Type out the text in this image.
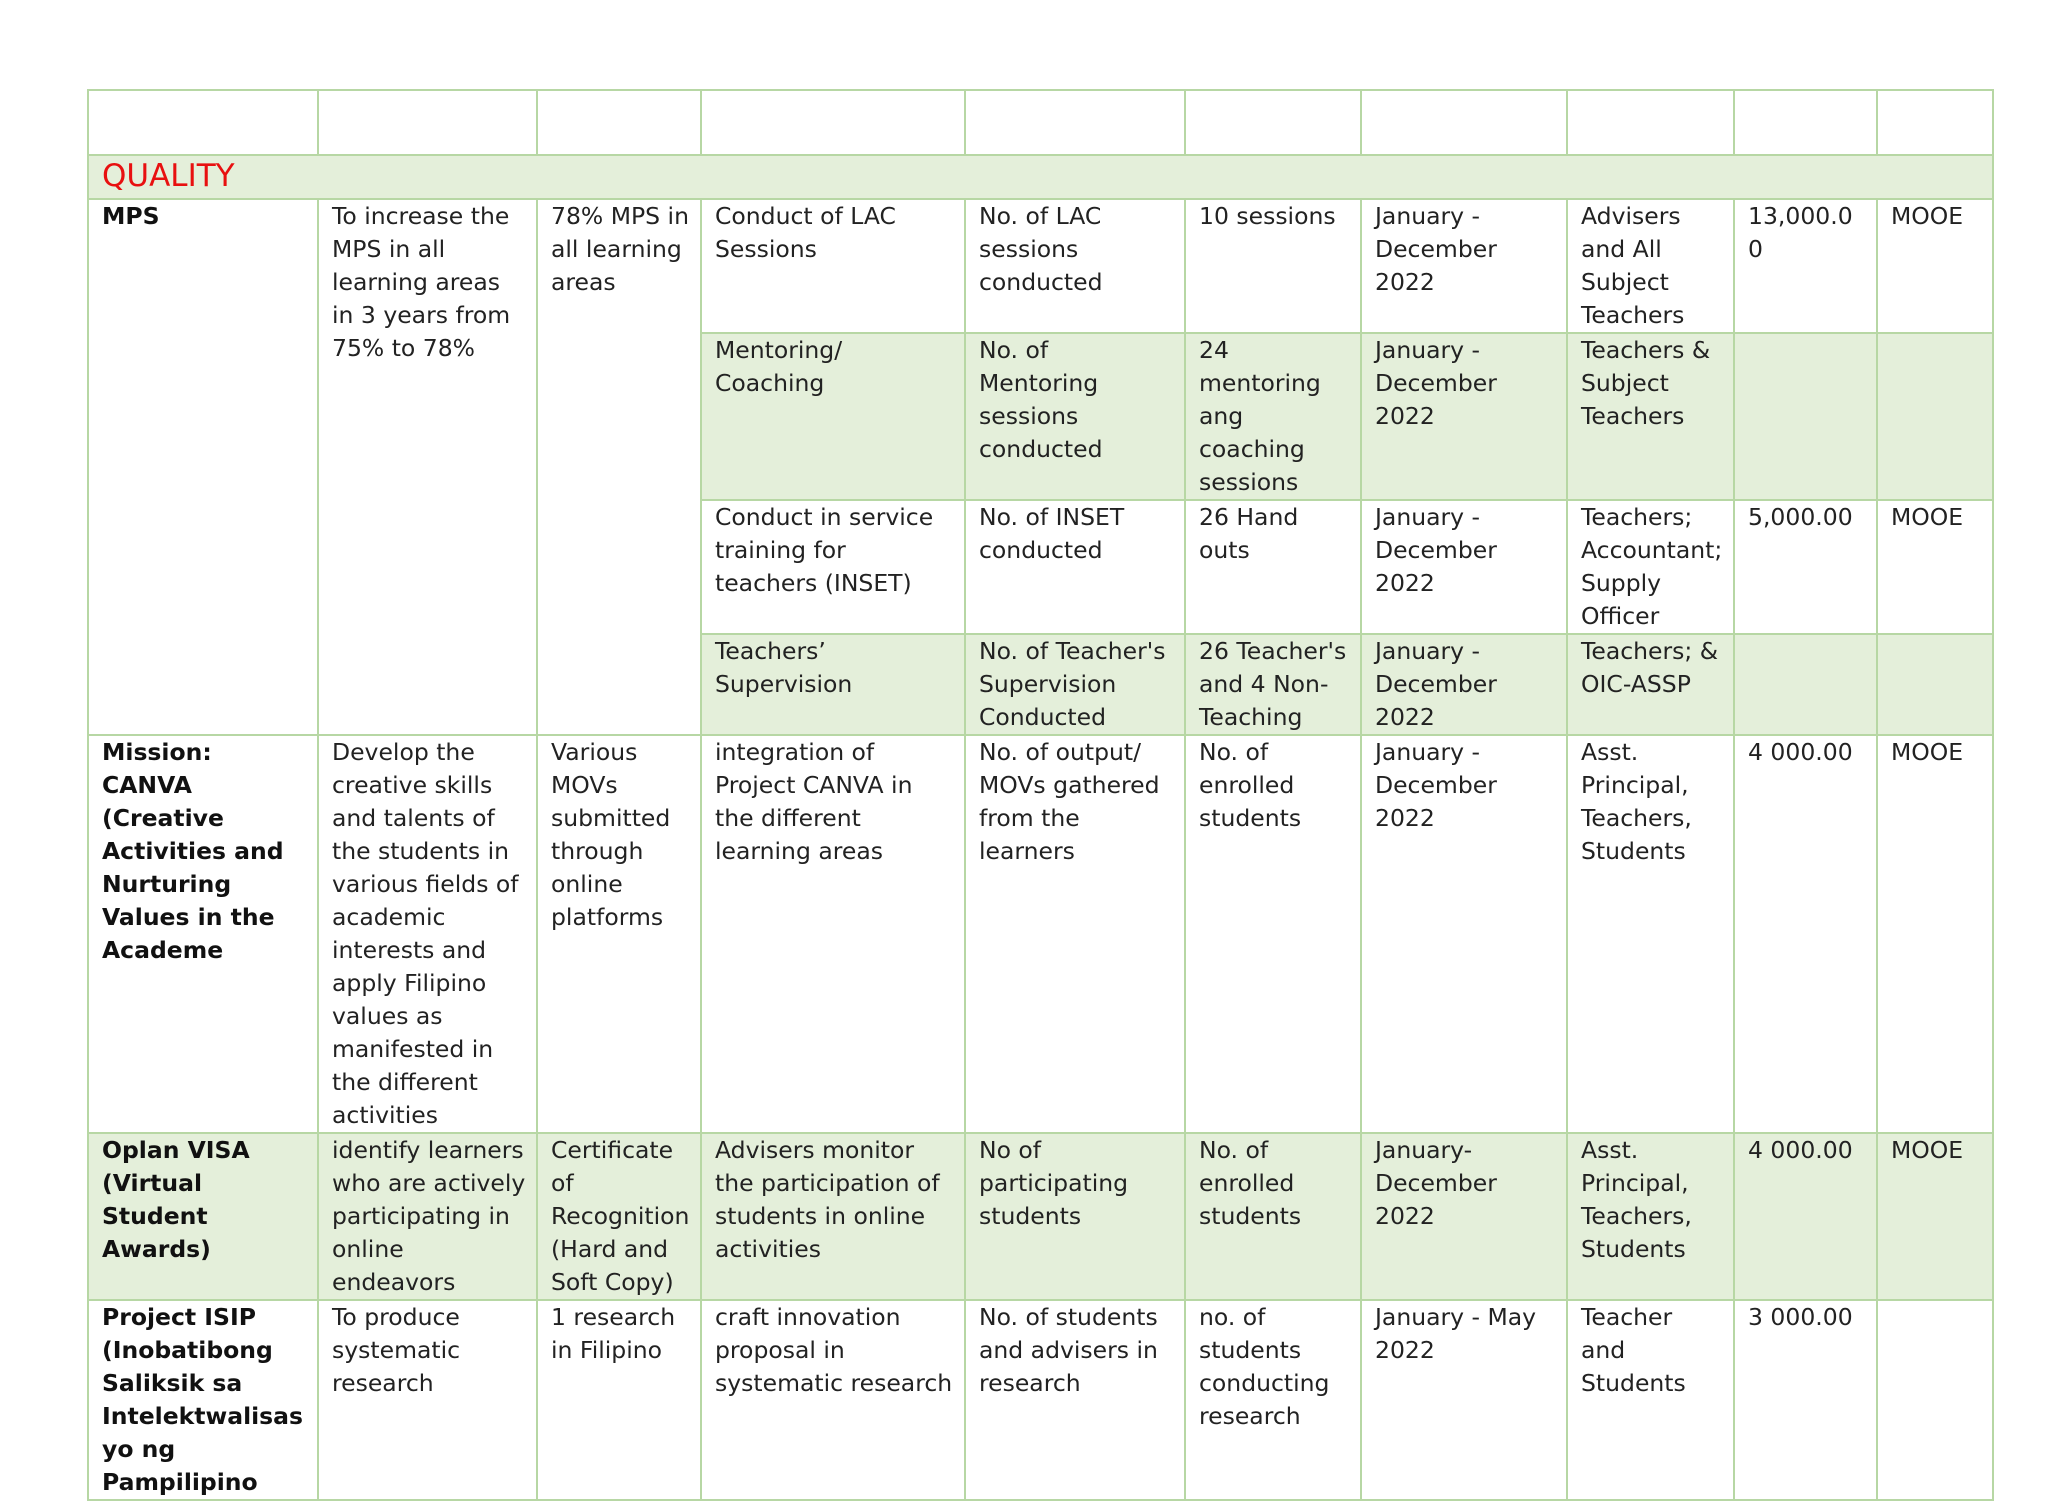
QUALITY									
MPS	To increase the MPS in all learning areas in 3 years from 75% to 78%	78% MPS in all learning areas	Conduct of LAC Sessions	No. of LAC sessions conducted	10 sessions	January - December 2022	Advisers and All Subject Teachers	13,000.00	MOOE
			Mentoring/ Coaching	No. of Mentoring sessions conducted	24 mentoring ang coaching sessions	January - December 2022	Teachers & Subject Teachers		
			Conduct in service training for teachers (INSET)	No. of INSET conducted	26 Hand outs	January - December 2022	Teachers; Accountant; Supply Officer	5,000.00	MOOE
			Teachers’ Supervision	No. of Teacher's Supervision Conducted	26 Teacher's and 4 Non-Teaching	January - December 2022	Teachers; & OIC-ASSP		
Mission: CANVA (Creative Activities and Nurturing Values in the Academe	Develop the creative skills and talents of the students in various fields of academic interests and apply Filipino values as manifested in the different activities	Various MOVs submitted through online platforms	integration of Project CANVA in the different learning areas	No. of output/ MOVs gathered from the learners	No. of enrolled students	January - December 2022	Asst. Principal, Teachers, Students	4 000.00	MOOE
Oplan VISA (Virtual Student Awards)	identify learners who are actively participating in online endeavors	Certificate of Recognition (Hard and Soft Copy)	Advisers monitor the participation of students in online activities	No of participating students	No. of enrolled students	January- December 2022	Asst. Principal, Teachers, Students	4 000.00	MOOE
Project ISIP (Inobatibong Saliksik sa Intelektwalisasyo ng Pampilipino	To produce systematic research	1 research in Filipino	craft innovation proposal in systematic research	No. of students and advisers in research	no. of students conducting research	January - May 2022	Teacher and Students	3 000.00	
